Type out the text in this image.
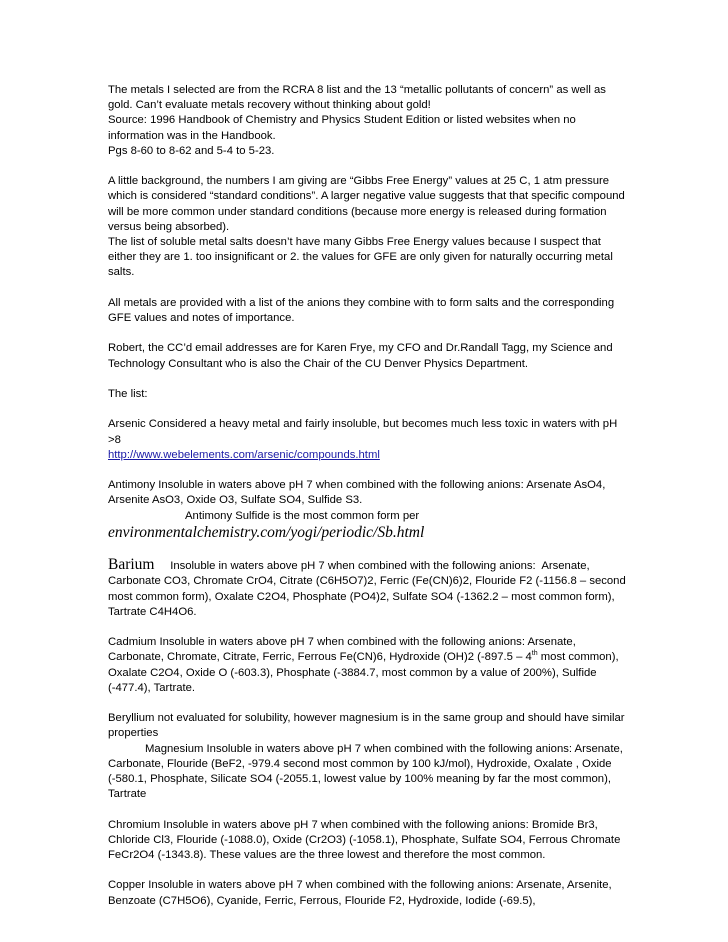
The metals I selected are from the RCRA 8 list and the 13 “metallic pollutants of concern” as well as gold. Can’t evaluate metals recovery without thinking about gold!
Source: 1996 Handbook of Chemistry and Physics Student Edition or listed websites when no information was in the Handbook.
Pgs 8-60 to 8-62 and 5-4 to 5-23.

A little background, the numbers I am giving are “Gibbs Free Energy” values at 25 C, 1 atm pressure which is considered “standard conditions”. A larger negative value suggests that that specific compound will be more common under standard conditions (because more energy is released during formation versus being absorbed).
The list of soluble metal salts doesn’t have many Gibbs Free Energy values because I suspect that either they are 1. too insignificant or 2. the values for GFE are only given for naturally occurring metal salts.

All metals are provided with a list of the anions they combine with to form salts and the corresponding GFE values and notes of importance.

Robert, the CC’d email addresses are for Karen Frye, my CFO and Dr.Randall Tagg, my Science and Technology Consultant who is also the Chair of the CU Denver Physics Department.

The list:

Arsenic Considered a heavy metal and fairly insoluble, but becomes much less toxic in waters with pH >8
http://www.webelements.com/arsenic/compounds.html

Antimony Insoluble in waters above pH 7 when combined with the following anions: Arsenate AsO4, Arsenite AsO3, Oxide O3, Sulfate SO4, Sulfide S3.
Antimony Sulfide is the most common form per
environmentalchemistry.com/yogi/periodic/Sb.html

Barium     Insoluble in waters above pH 7 when combined with the following anions:  Arsenate, Carbonate CO3, Chromate CrO4, Citrate (C6H5O7)2, Ferric (Fe(CN)6)2, Flouride F2 (-1156.8 – second most common form), Oxalate C2O4, Phosphate (PO4)2, Sulfate SO4 (-1362.2 – most common form), Tartrate C4H4O6.

Cadmium Insoluble in waters above pH 7 when combined with the following anions: Arsenate, Carbonate, Chromate, Citrate, Ferric, Ferrous Fe(CN)6, Hydroxide (OH)2 (-897.5 – 4th most common), Oxalate C2O4, Oxide O (-603.3), Phosphate (-3884.7, most common by a value of 200%), Sulfide (-477.4), Tartrate.

Beryllium not evaluated for solubility, however magnesium is in the same group and should have similar properties
Magnesium Insoluble in waters above pH 7 when combined with the following anions: Arsenate, Carbonate, Flouride (BeF2, -979.4 second most common by 100 kJ/mol), Hydroxide, Oxalate , Oxide (-580.1, Phosphate, Silicate SO4 (-2055.1, lowest value by 100% meaning by far the most common), Tartrate

Chromium Insoluble in waters above pH 7 when combined with the following anions: Bromide Br3, Chloride Cl3, Flouride (-1088.0), Oxide (Cr2O3) (-1058.1), Phosphate, Sulfate SO4, Ferrous Chromate FeCr2O4 (-1343.8). These values are the three lowest and therefore the most common.

Copper Insoluble in waters above pH 7 when combined with the following anions: Arsenate, Arsenite, Benzoate (C7H5O6), Cyanide, Ferric, Ferrous, Flouride F2, Hydroxide, Iodide (-69.5),
